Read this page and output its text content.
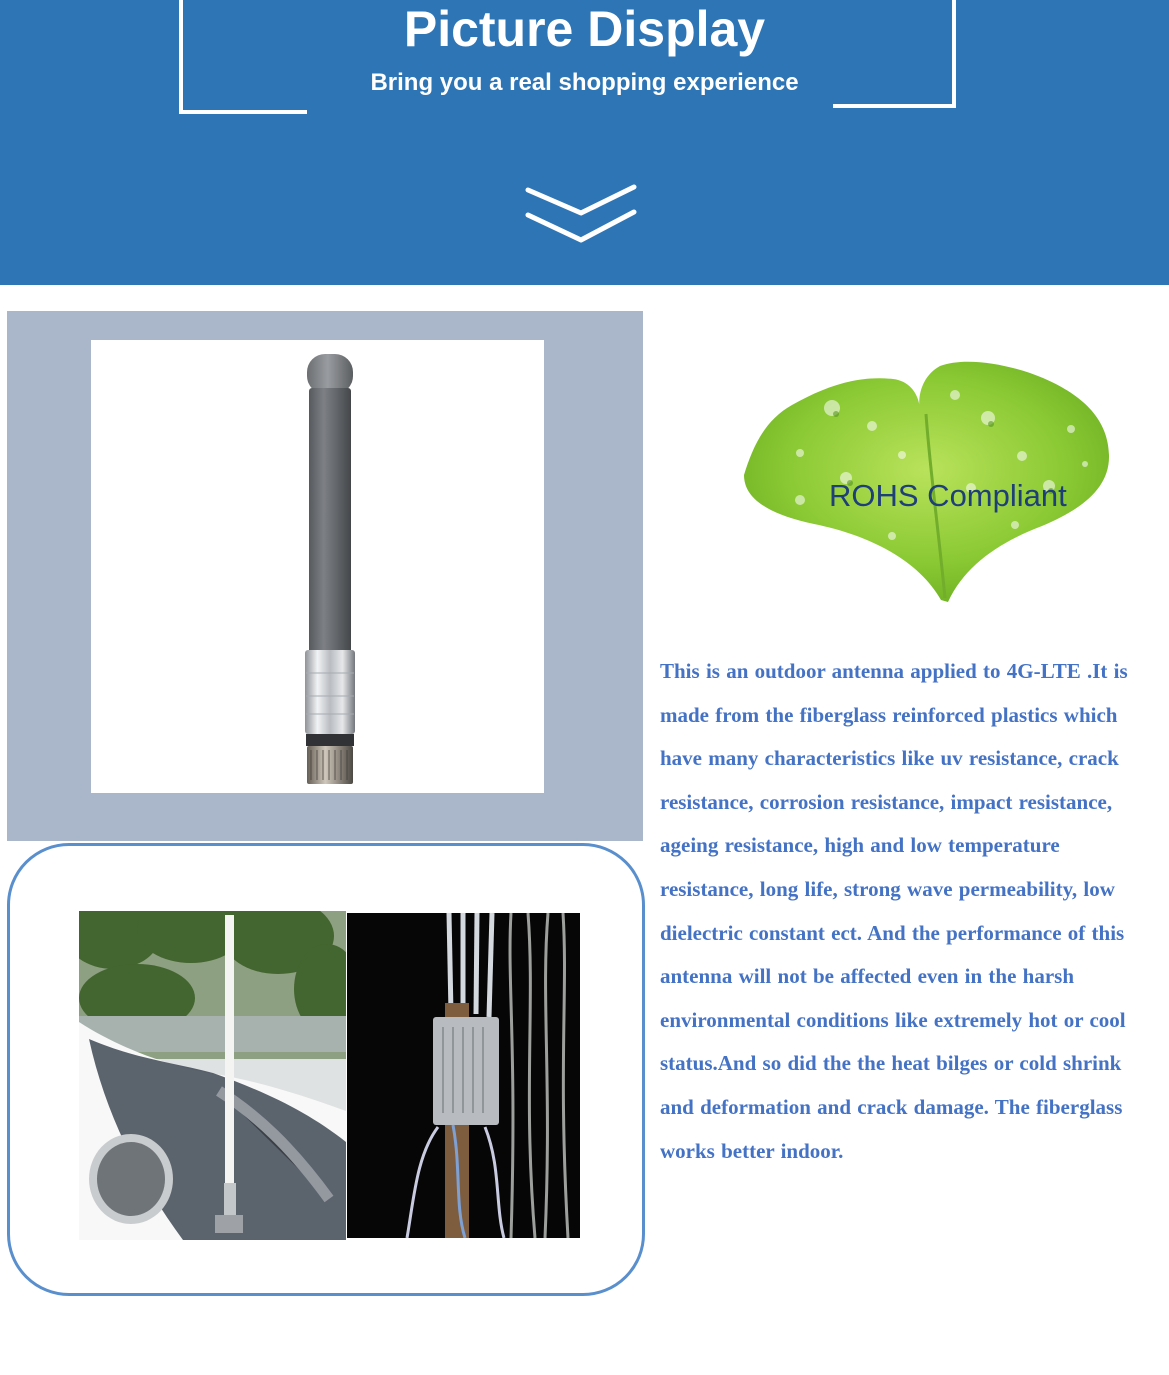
Picture Display

Bring you a real shopping experience

ROHS Compliant

This is an outdoor antenna applied to 4G-LTE .It is made from the fiberglass reinforced plastics which have many characteristics like uv resistance, crack resistance, corrosion resistance, impact resistance, ageing resistance, high and low temperature resistance, long life, strong wave permeability, low dielectric constant ect. And the performance of this antenna will not be affected even in the harsh environmental conditions like extremely hot or cool status.And so did the the heat bilges or cold shrink and deformation and crack damage. The fiberglass works better indoor.
